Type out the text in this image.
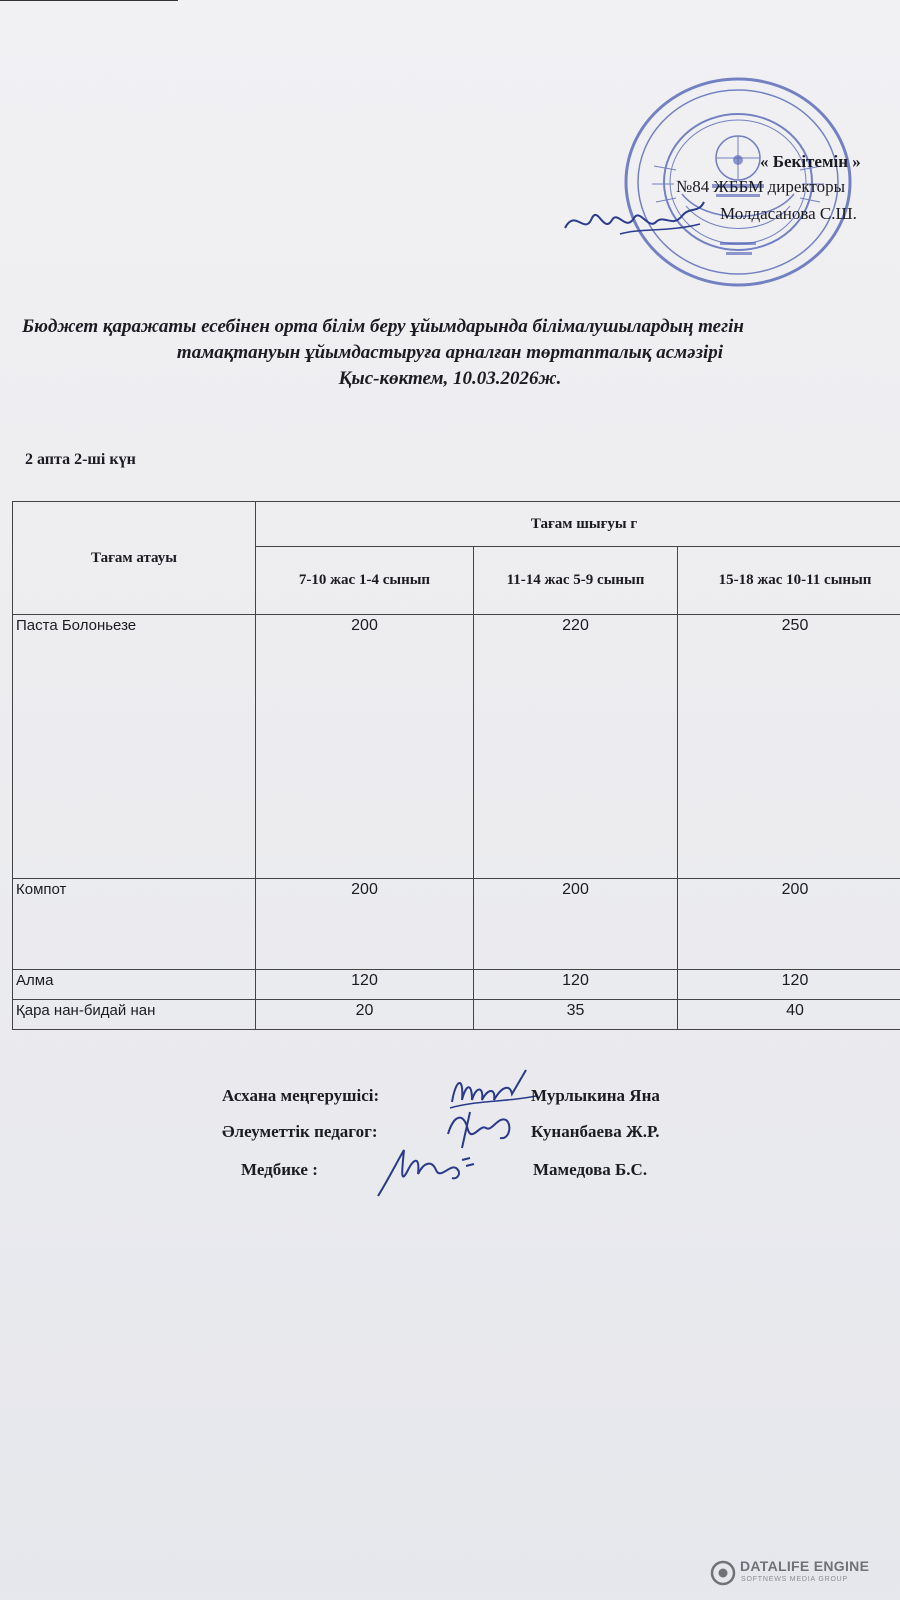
« Бекітемін »
№84 ЖББМ директоры
Молдаcанова С.Ш.
Бюджет қаражаты есебінен орта білім беру ұйымдарында білімалушылардың тегін
тамақтануын ұйымдастыруға арналған төртапталық асмәзірі
Қыс-көктем, 10.03.2026ж.
2 апта 2-ші күн
Тағам атауы	Тағам шығуы г		
	7-10 жас 1-4 сынып	11-14 жас 5-9 сынып	15-18 жас 10-11 сынып
Паста Болоньезе	200	220	250
Компот	200	200	200
Алма	120	120	120
Қара нан-бидай нан	20	35	40
Асхана меңгерушісі:	Мурлыкина Яна
Әлеуметтік педагог:	Кунанбаева Ж.Р.
Медбике :	Мамедова Б.С.
DATALIFE ENGINE
SOFTNEWS MEDIA GROUP
